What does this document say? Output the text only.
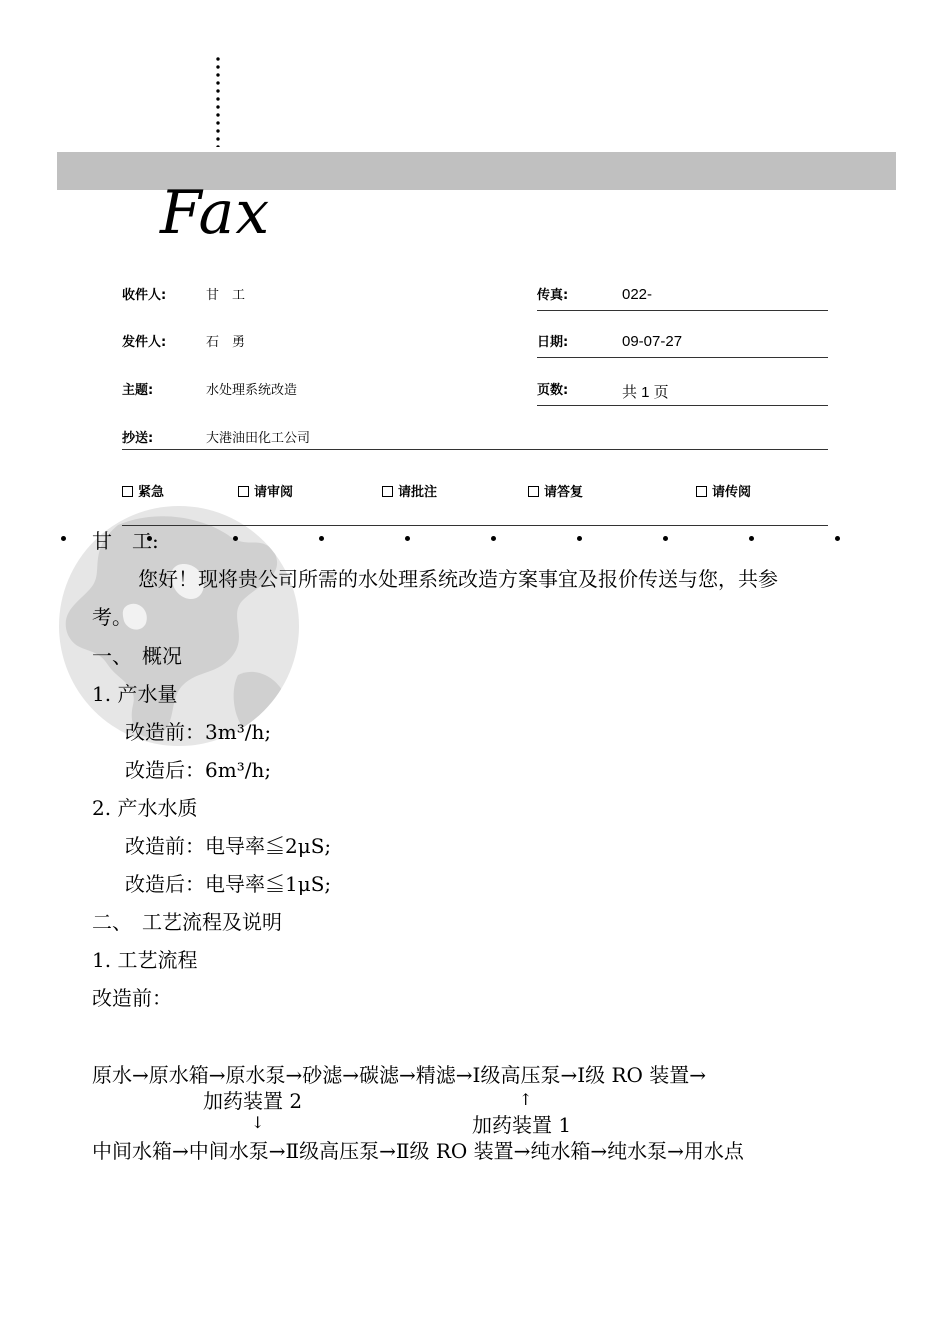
Fax
收件人:	甘　工	传真:	022-
发件人:	石　勇	日期:	09-07-27
主题:	水处理系统改造	页数:	共 1 页
抄送:	大港油田化工公司
紧急	请审阅	请批注	请答复	请传阅
甘　工:
您好！现将贵公司所需的水处理系统改造方案事宜及报价传送与您，共参
考。
一、　概况
1. 产水量
改造前：3m³/h;
改造后：6m³/h;
2. 产水水质
改造前：电导率≦2μS;
改造后：电导率≦1μS;
二、　工艺流程及说明
1. 工艺流程
改造前：
原水→原水箱→原水泵→砂滤→碳滤→精滤→Ⅰ级高压泵→Ⅰ级 RO 装置→
加药装置 2
↓
↑
加药装置 1
中间水箱→中间水泵→Ⅱ级高压泵→Ⅱ级 RO 装置→纯水箱→纯水泵→用水点
